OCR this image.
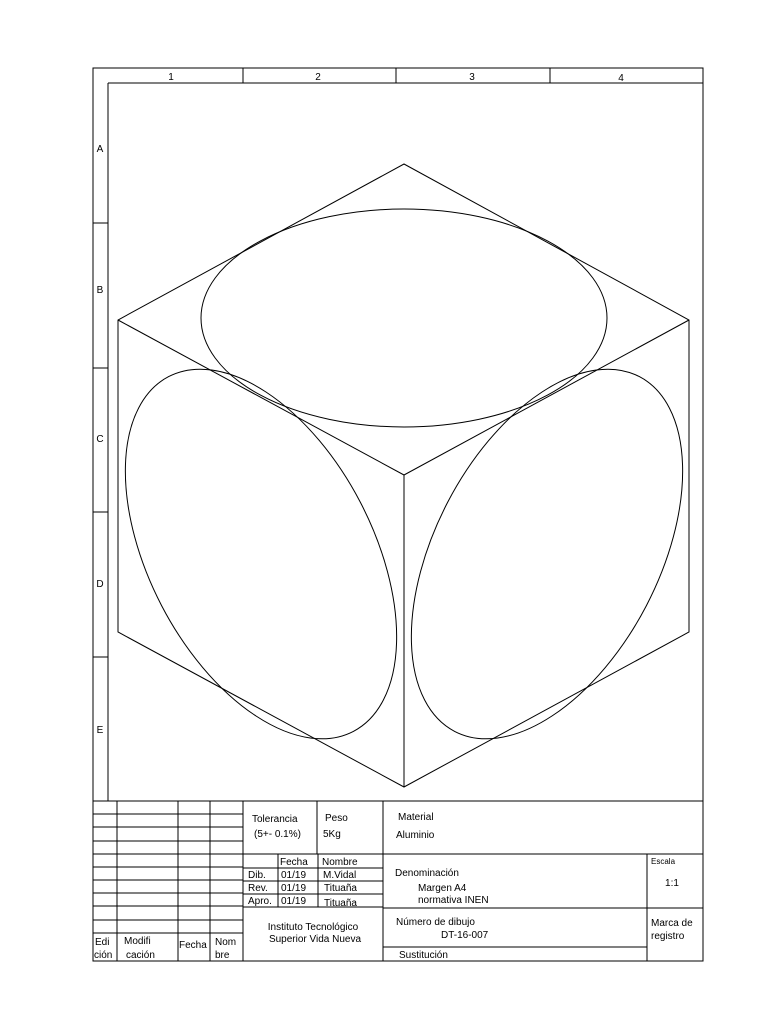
1	2	3	4
A
B
C
D
E
Tolerancia
(5+- 0.1%)
Peso
5Kg
Material
Aluminio
Fecha Nombre
Dib. 01/19 M.Vidal
Rev. 01/19 Tituaña
Apro. 01/19 Tituaña
Denominación
Margen A4
normativa INEN
Escala
1:1
Instituto Tecnológico
Superior Vida Nueva
Número de dibujo
DT-16-007
Sustitución
Marca de
registro
Edi
ción
Modifi
cación
Fecha Nom
bre
